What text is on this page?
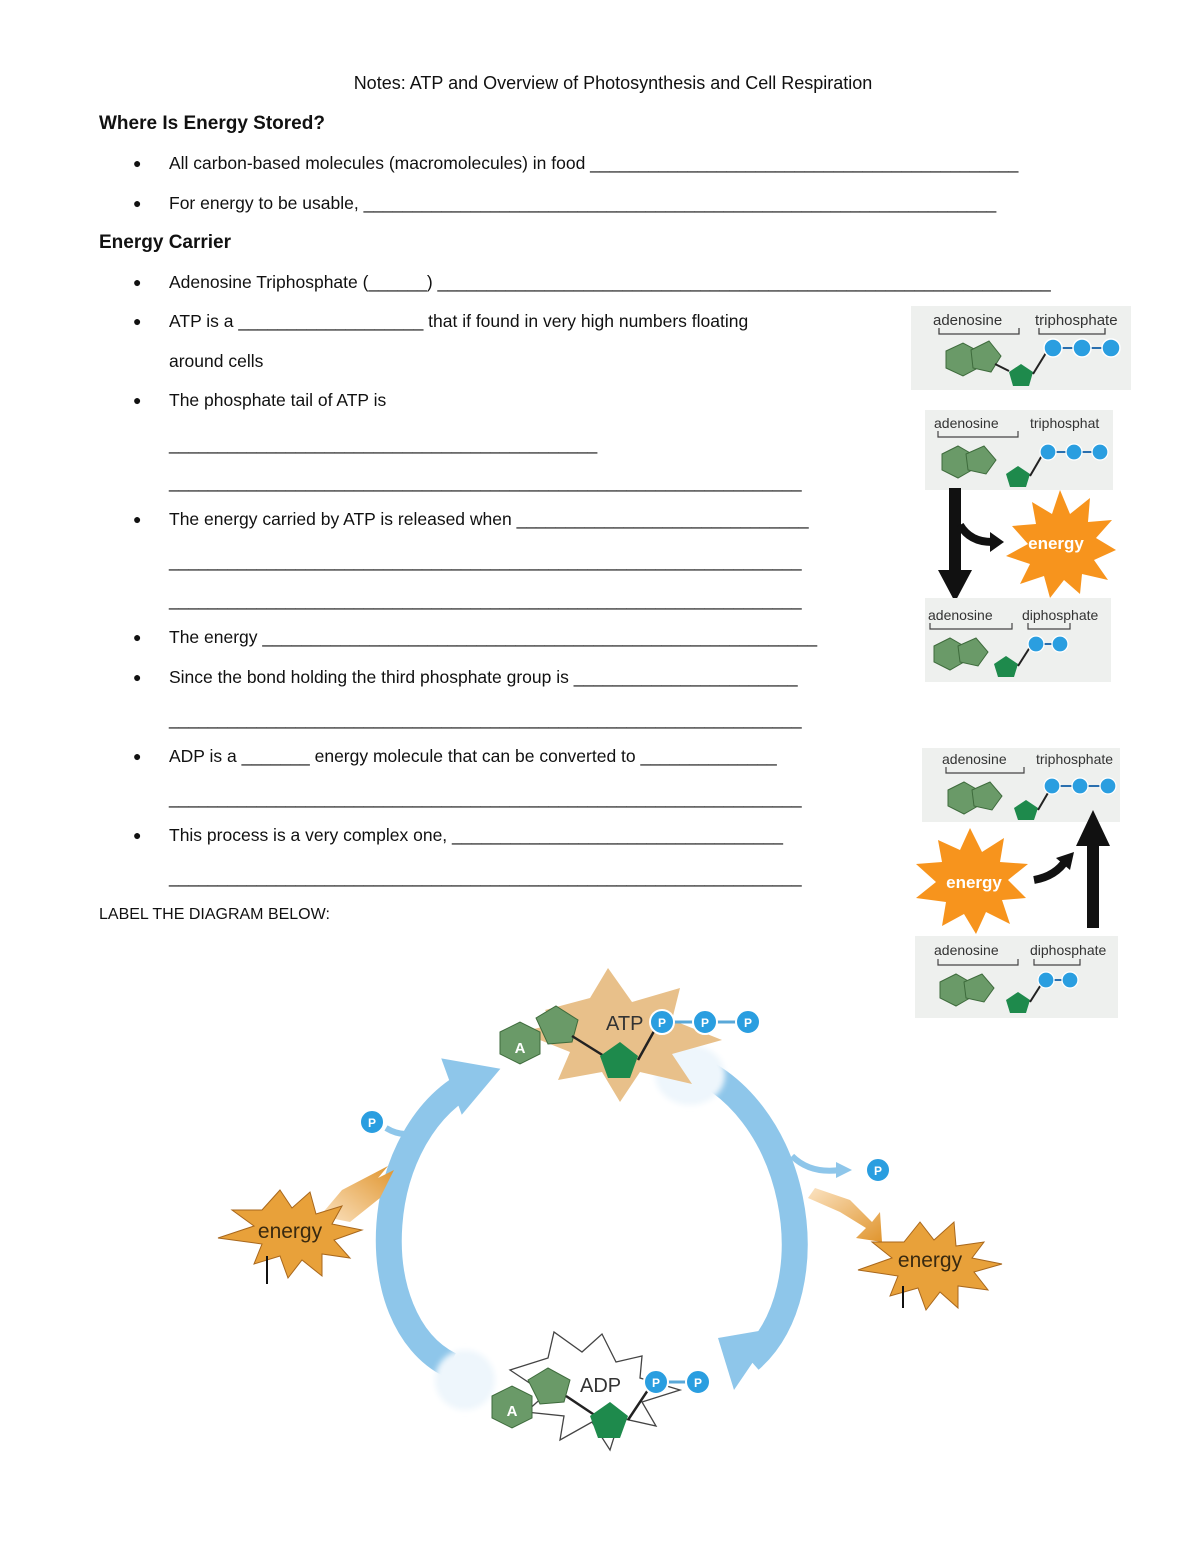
Notes: ATP and Overview of Photosynthesis and Cell Respiration
Where Is Energy Stored?
● All carbon-based molecules (macromolecules) in food ____________________________________________
● For energy to be usable, _________________________________________________________________
Energy Carrier
● Adenosine Triphosphate (______) _______________________________________________________________
● ATP is a ___________________ that if found in very high numbers floating
around cells
● The phosphate tail of ATP is
____________________________________________
_________________________________________________________________
● The energy carried by ATP is released when ______________________________
_________________________________________________________________
_________________________________________________________________
● The energy _________________________________________________________
● Since the bond holding the third phosphate group is _______________________
_________________________________________________________________
● ADP is a _______ energy molecule that can be converted to ______________
_________________________________________________________________
● This process is a very complex one, __________________________________
_________________________________________________________________
LABEL THE DIAGRAM BELOW:
adenosine triphosphate
adenosine triphosphat
energy
adenosine diphosphate
adenosine triphosphate
energy
adenosine diphosphate
A
ATP P	P	P
A
ADP	P	P
P
P
energy
energy
